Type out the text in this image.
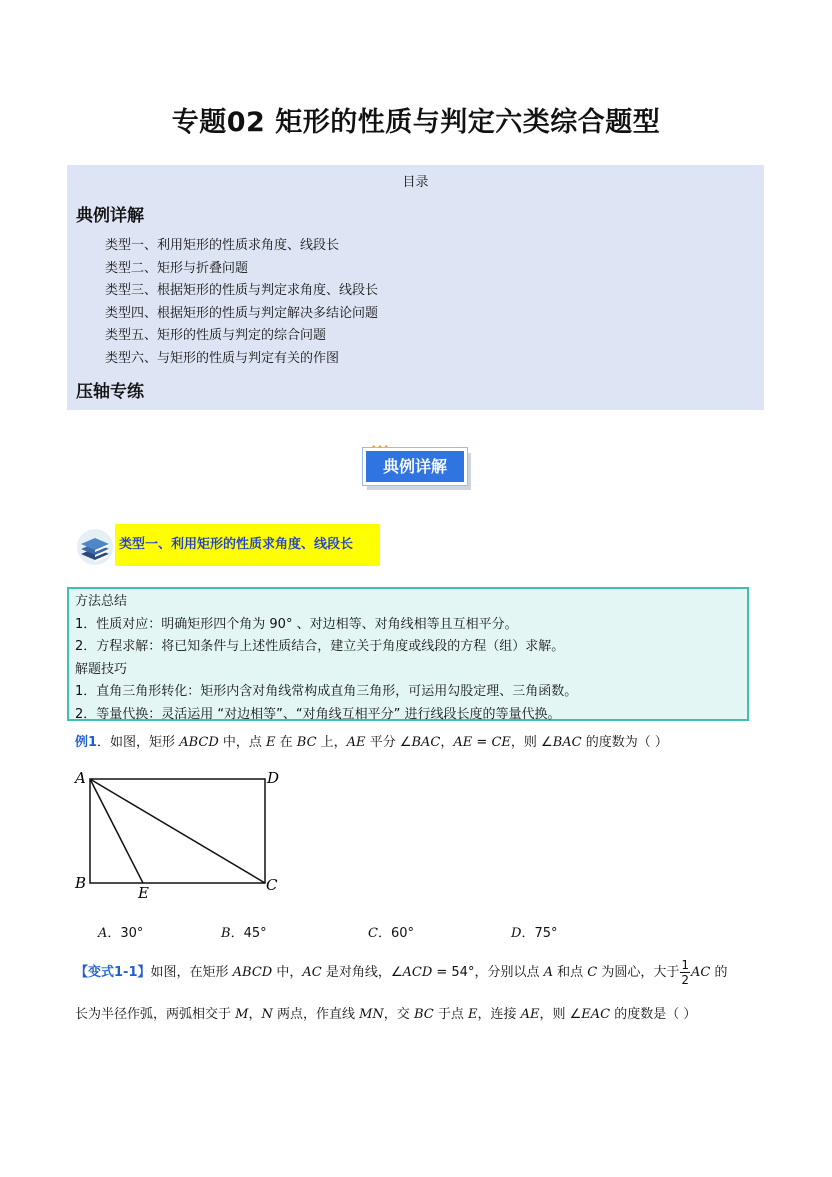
专题02 矩形的性质与判定六类综合题型
目录
典例详解
类型一、利用矩形的性质求角度、线段长
类型二、矩形与折叠问题
类型三、根据矩形的性质与判定求角度、线段长
类型四、根据矩形的性质与判定解决多结论问题
类型五、矩形的性质与判定的综合问题
类型六、与矩形的性质与判定有关的作图
压轴专练
典例详解
类型一、利用矩形的性质求角度、线段长
方法总结
1．性质对应：明确矩形四个角为 90° 、对边相等、对角线相等且互相平分。
2．方程求解：将已知条件与上述性质结合，建立关于角度或线段的方程（组）求解。
解题技巧
1．直角三角形转化：矩形内含对角线常构成直角三角形，可运用勾股定理、三角函数。
2．等量代换：灵活运用 “对边相等”、“对角线互相平分” 进行线段长度的等量代换。
例1．如图，矩形 ABCD 中，点 E 在 BC 上，AE 平分 ∠BAC，AE = CE，则 ∠BAC 的度数为（ ）
A	D
B	C
E
A．30°	B．45°	C．60°	D．75°
【变式1-1】如图，在矩形 ABCD 中，AC 是对角线，∠ACD = 54°，分别以点 A 和点 C 为圆心，大于 $\frac{1}{2}$ AC 的
长为半径作弧，两弧相交于 M，N 两点，作直线 MN，交 BC 于点 E，连接 AE，则 ∠EAC 的度数是（ ）
